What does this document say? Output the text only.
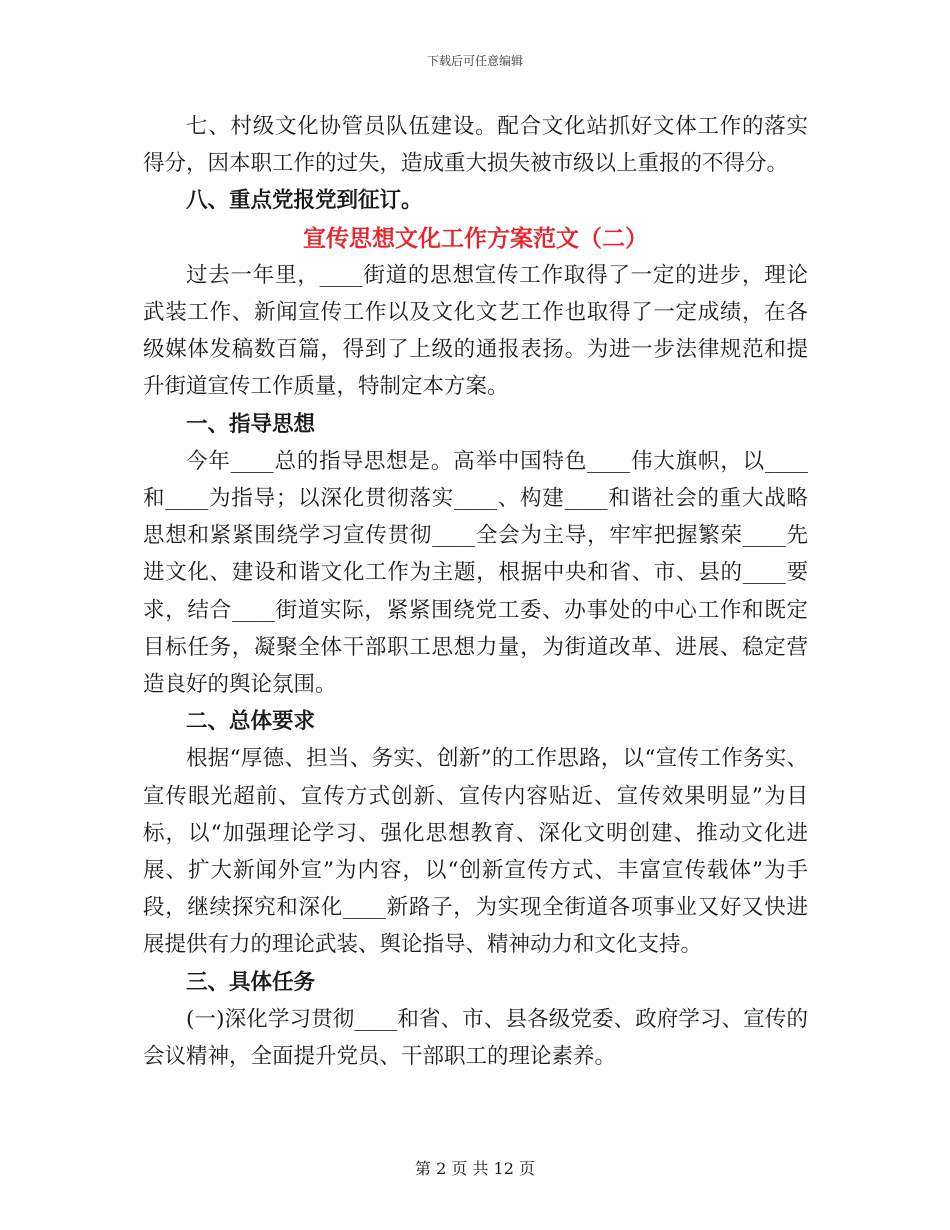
下载后可任意编辑

七、村级文化协管员队伍建设。配合文化站抓好文体工作的落实得分，因本职工作的过失，造成重大损失被市级以上重报的不得分。

八、重点党报党到征订。

宣传思想文化工作方案范文（二）

过去一年里，____街道的思想宣传工作取得了一定的进步，理论武装工作、新闻宣传工作以及文化文艺工作也取得了一定成绩，在各级媒体发稿数百篇，得到了上级的通报表扬。为进一步法律规范和提升街道宣传工作质量，特制定本方案。

一、指导思想

今年____总的指导思想是。高举中国特色____伟大旗帜，以____和____为指导；以深化贯彻落实____、构建____和谐社会的重大战略思想和紧紧围绕学习宣传贯彻____全会为主导，牢牢把握繁荣____先进文化、建设和谐文化工作为主题，根据中央和省、市、县的____要求，结合____街道实际，紧紧围绕党工委、办事处的中心工作和既定目标任务，凝聚全体干部职工思想力量，为街道改革、进展、稳定营造良好的舆论氛围。

二、总体要求

根据“厚德、担当、务实、创新”的工作思路，以“宣传工作务实、宣传眼光超前、宣传方式创新、宣传内容贴近、宣传效果明显”为目标，以“加强理论学习、强化思想教育、深化文明创建、推动文化进展、扩大新闻外宣”为内容，以“创新宣传方式、丰富宣传载体”为手段，继续探究和深化____新路子，为实现全街道各项事业又好又快进展提供有力的理论武装、舆论指导、精神动力和文化支持。

三、具体任务

(一)深化学习贯彻____和省、市、县各级党委、政府学习、宣传的会议精神，全面提升党员、干部职工的理论素养。

第 2 页 共 12 页
